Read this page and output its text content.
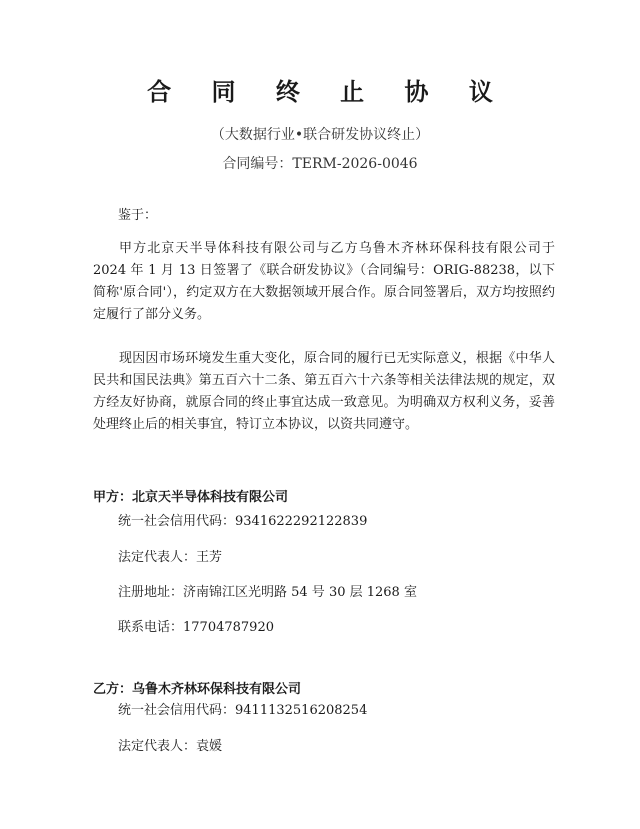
合 同 终 止 协 议
（大数据行业•联合研发协议终止）
合同编号：TERM-2026-0046
鉴于：
甲方北京天半导体科技有限公司与乙方乌鲁木齐林环保科技有限公司于 2024 年 1 月 13 日签署了《联合研发协议》（合同编号：ORIG-88238，以下简称'原合同'），约定双方在大数据领域开展合作。原合同签署后，双方均按照约定履行了部分义务。
现因因市场环境发生重大变化，原合同的履行已无实际意义，根据《中华人民共和国民法典》第五百六十二条、第五百六十六条等相关法律法规的规定，双方经友好协商，就原合同的终止事宜达成一致意见。为明确双方权利义务，妥善处理终止后的相关事宜，特订立本协议，以资共同遵守。
甲方：北京天半导体科技有限公司
统一社会信用代码：9341622292122839
法定代表人：王芳
注册地址：济南锦江区光明路 54 号 30 层 1268 室
联系电话：17704787920
乙方：乌鲁木齐林环保科技有限公司
统一社会信用代码：9411132516208254
法定代表人：袁媛
